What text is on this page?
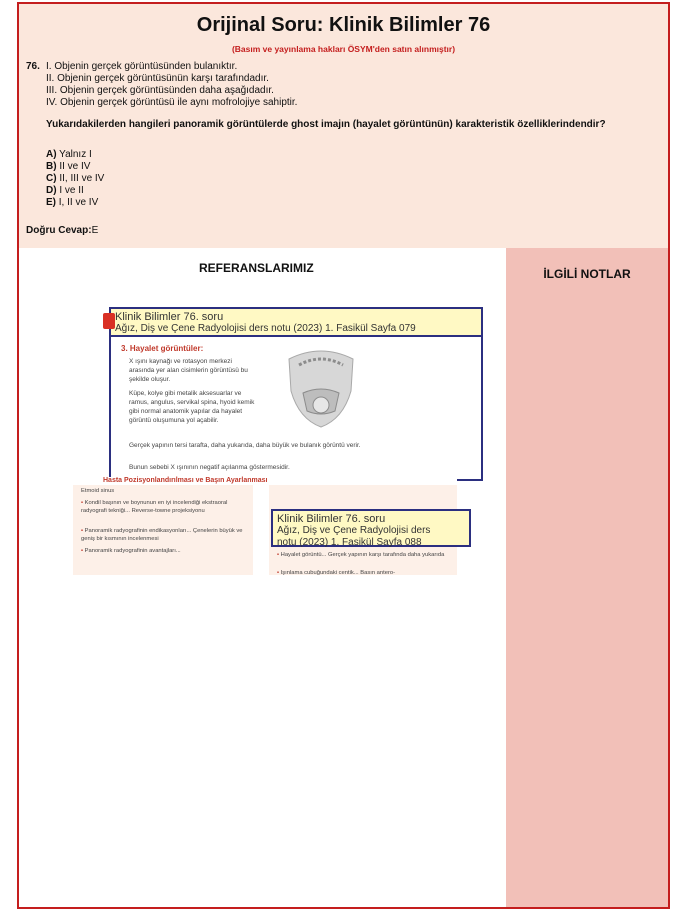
Orijinal Soru: Klinik Bilimler 76
(Basım ve yayınlama hakları ÖSYM'den satın alınmıştır)
76. I. Objenin gerçek görüntüsünden bulanıktır.
II. Objenin gerçek görüntüsünün karşı tarafındadır.
III. Objenin gerçek görüntüsünden daha aşağıdadır.
IV. Objenin gerçek görüntüsü ile aynı mofrolojiye sahiptir.
Yukarıdakilerden hangileri panoramik görüntülerde ghost imajın (hayalet görüntünün) karakteristik özelliklerindendir?
A) Yalnız I
B) II ve IV
C) II, III ve IV
D) I ve II
E) I, II ve IV
Doğru Cevap:E
REFERANSLARIMIZ	İLGİLİ NOTLAR
Klinik Bilimler 76. soru
Ağız, Diş ve Çene Radyolojisi ders notu (2023) 1. Fasikül Sayfa 079
3. Hayalet görüntüler:
X ışını kaynağı ve rotasyon merkezi arasında yer alan cisimlerin görüntüsü bu şekilde oluşur.
Küpe, kolye gibi metalik aksesuarlar ve ramus, angulus, servikal spina, hyoid kemik gibi normal anatomik yapılar da hayalet görüntü oluşumuna yol açabilir.
Gerçek yapının tersi tarafta, daha yukarıda, daha büyük ve bulanık görüntü verir.
Bunun sebebi X ışınının negatif açılanma göstermesidir.
Hasta Pozisyonlandırılması ve Başın Ayarlanması
Etmoid sinus
• Kondil başının ve boynunun en iyi incelendiği ekstraoral radyografi tekniği... Reverse-towne projeksiyonu
• Panoramik radyografinin endikasyonları... Çenelerin büyük ve geniş bir kısmının incelenmesi
• Panoramik radyografinin avantajları...
• Hayalet görüntü... Gerçek yapının karşı tarafında daha yukarıda
• Işınlama cubuğundaki centik... Basın antero-
Klinik Bilimler 76. soru
Ağız, Diş ve Çene Radyolojisi ders
notu (2023) 1. Fasikül Sayfa 088
